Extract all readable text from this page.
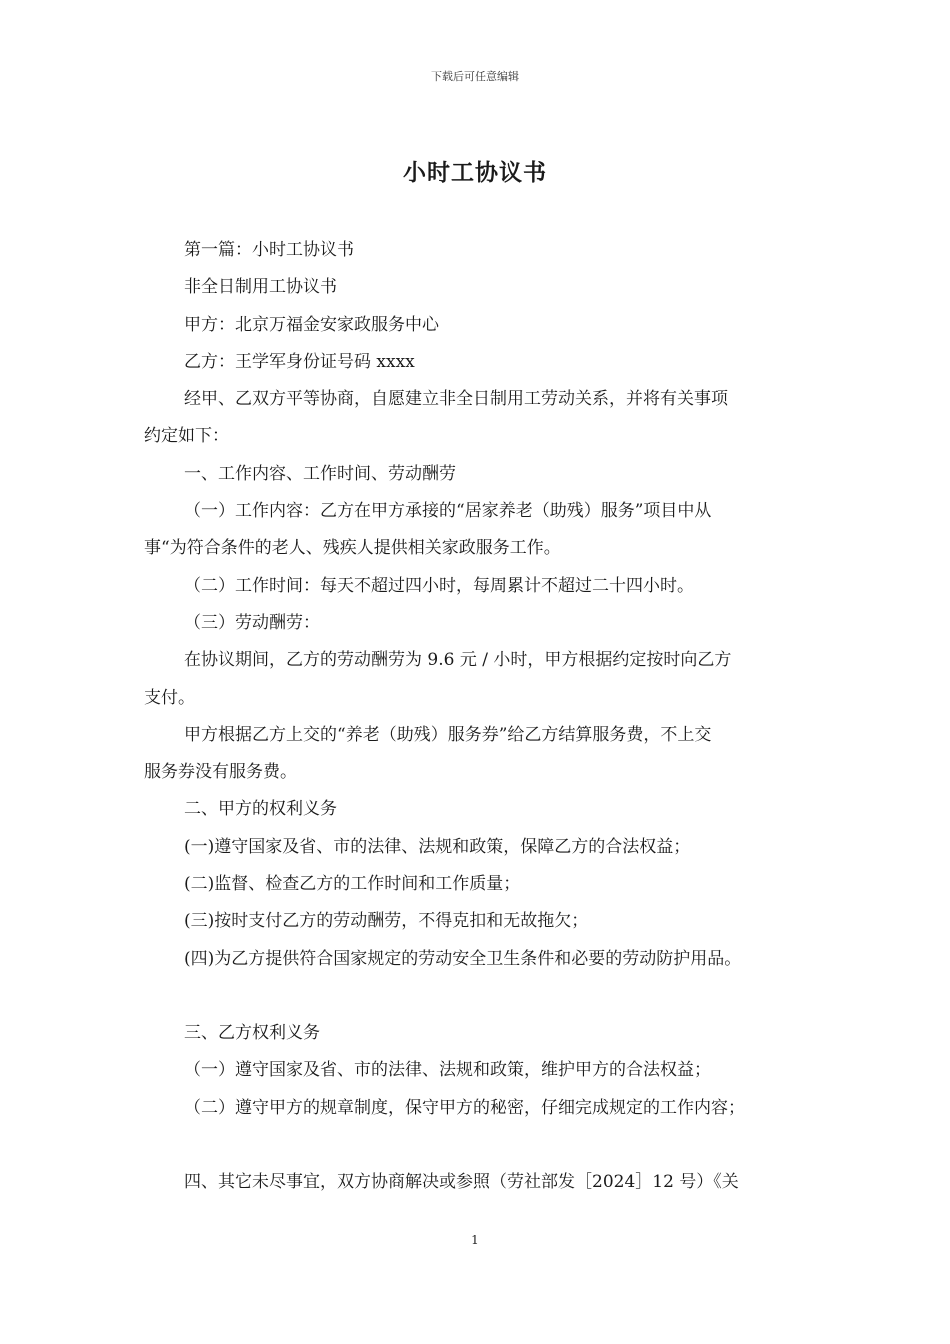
下载后可任意编辑
小时工协议书

第一篇：小时工协议书

非全日制用工协议书

甲方：北京万福金安家政服务中心

乙方：王学军身份证号码 xxxx

经甲、乙双方平等协商，自愿建立非全日制用工劳动关系，并将有关事项

约定如下：

一、工作内容、工作时间、劳动酬劳

（一）工作内容：乙方在甲方承接的“居家养老（助残）服务”项目中从

事“为符合条件的老人、残疾人提供相关家政服务工作。

（二）工作时间：每天不超过四小时，每周累计不超过二十四小时。

（三）劳动酬劳：

在协议期间，乙方的劳动酬劳为 9.6 元 / 小时，甲方根据约定按时向乙方

支付。

甲方根据乙方上交的“养老（助残）服务券”给乙方结算服务费，不上交

服务券没有服务费。

二、甲方的权利义务

(一)遵守国家及省、市的法律、法规和政策，保障乙方的合法权益；

(二)监督、检查乙方的工作时间和工作质量；

(三)按时支付乙方的劳动酬劳，不得克扣和无故拖欠；

(四)为乙方提供符合国家规定的劳动安全卫生条件和必要的劳动防护用品。

三、乙方权利义务

（一）遵守国家及省、市的法律、法规和政策，维护甲方的合法权益；

（二）遵守甲方的规章制度，保守甲方的秘密，仔细完成规定的工作内容；

四、其它未尽事宜，双方协商解决或参照（劳社部发［2024］12 号）《关

1
